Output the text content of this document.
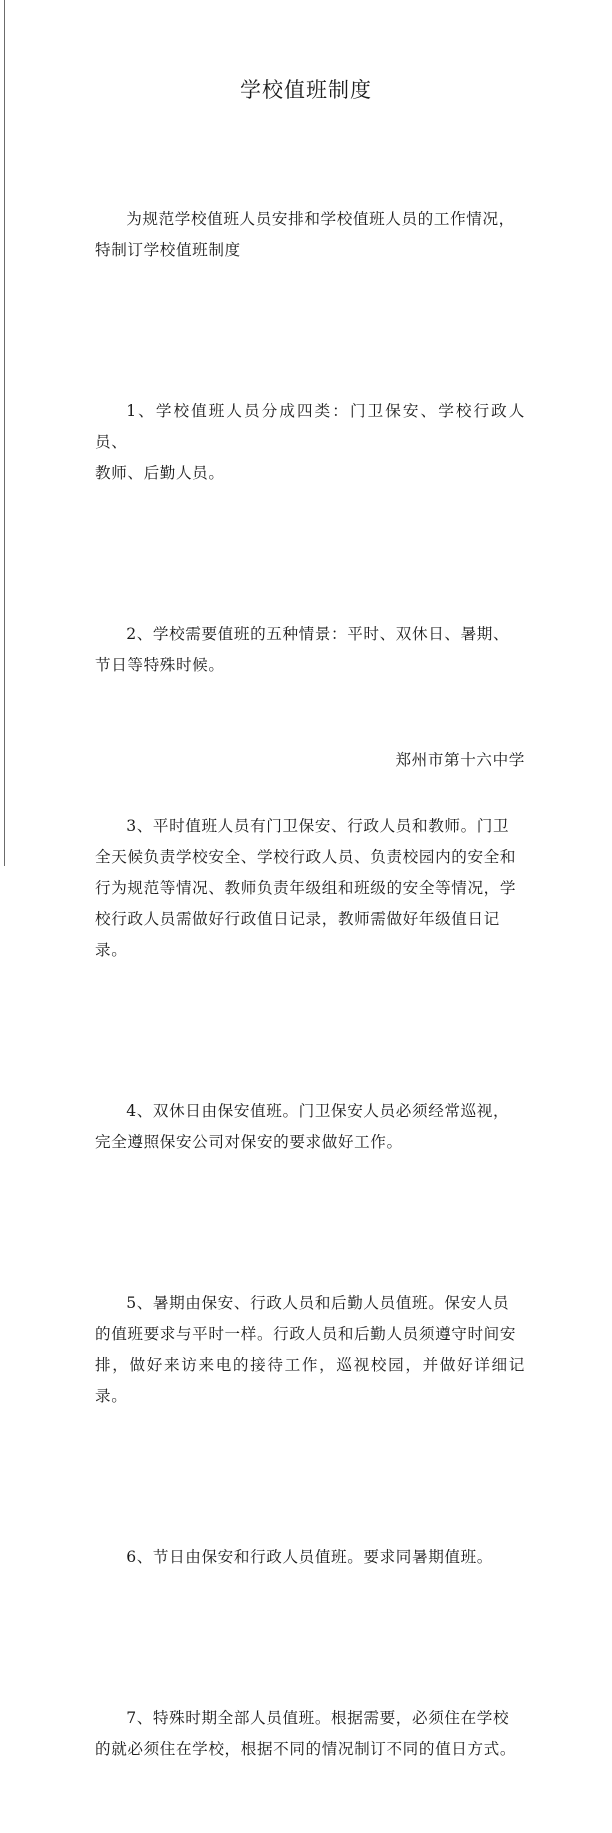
学校值班制度

为规范学校值班人员安排和学校值班人员的工作情况，
特制订学校值班制度

1、学校值班人员分成四类：门卫保安、学校行政人员、
教师、后勤人员。

2、学校需要值班的五种情景：平时、双休日、暑期、
节日等特殊时候。

3、平时值班人员有门卫保安、行政人员和教师。门卫
全天候负责学校安全、学校行政人员、负责校园内的安全和
行为规范等情况、教师负责年级组和班级的安全等情况，学
校行政人员需做好行政值日记录，教师需做好年级值日记
录。

4、双休日由保安值班。门卫保安人员必须经常巡视，
完全遵照保安公司对保安的要求做好工作。

5、暑期由保安、行政人员和后勤人员值班。保安人员
的值班要求与平时一样。行政人员和后勤人员须遵守时间安
排，做好来访来电的接待工作，巡视校园，并做好详细记录。

6、节日由保安和行政人员值班。要求同暑期值班。

7、特殊时期全部人员值班。根据需要，必须住在学校
的就必须住在学校，根据不同的情况制订不同的值日方式。

郑州市第十六中学
